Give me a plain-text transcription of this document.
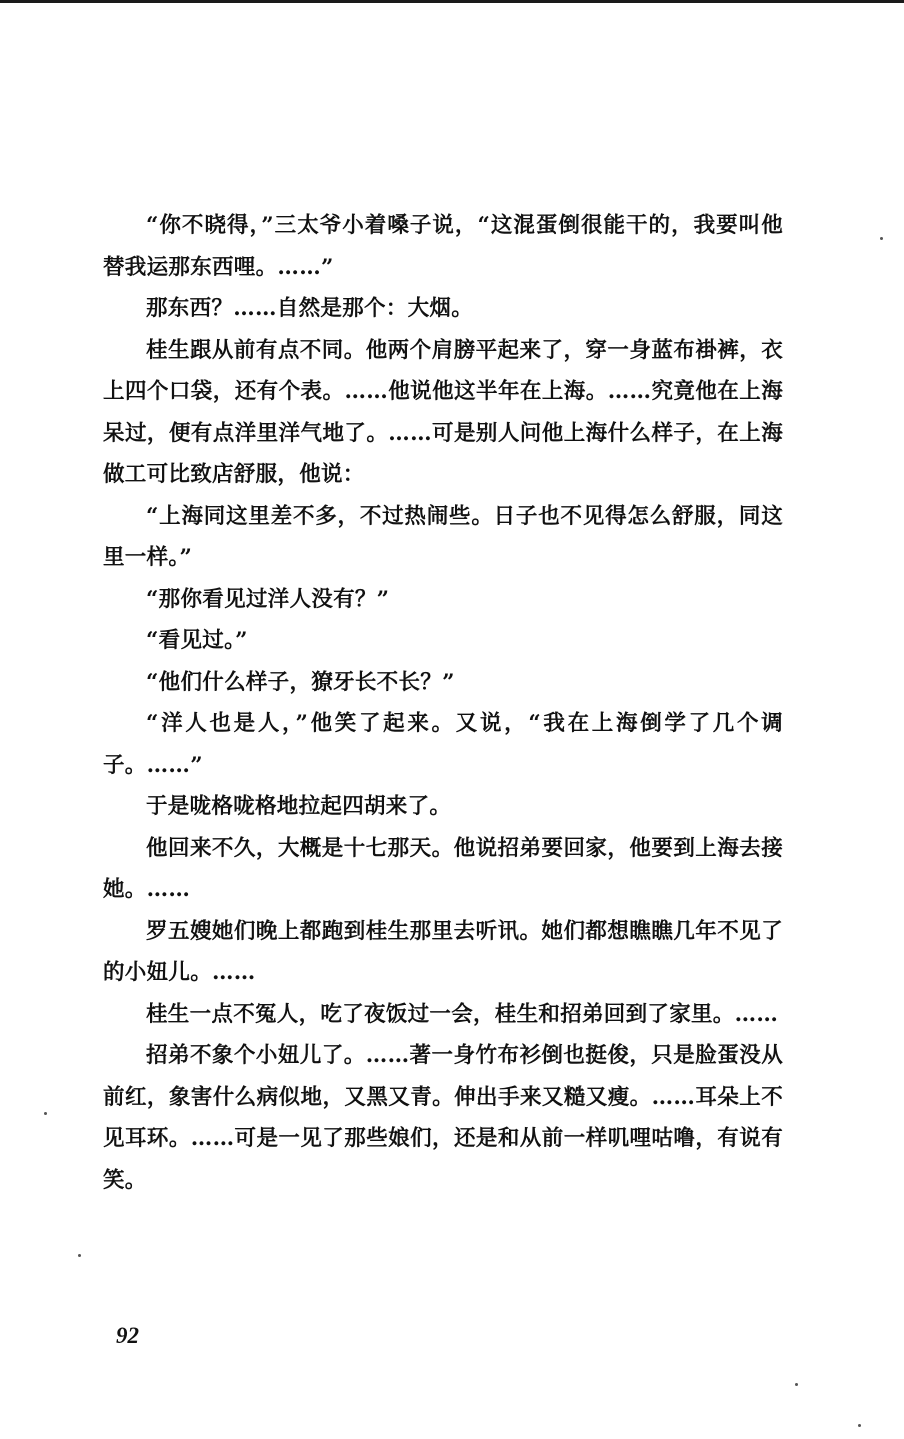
“你不晓得，”三太爷小着嗓子说，“这混蛋倒很能干的，我要叫他替我运那东西哩。……”

那东西？……自然是那个：大烟。

桂生跟从前有点不同。他两个肩膀平起来了，穿一身蓝布褂裤，衣上四个口袋，还有个表。……他说他这半年在上海。……究竟他在上海呆过，便有点洋里洋气地了。……可是别人问他上海什么样子，在上海做工可比致店舒服，他说：

“上海同这里差不多，不过热闹些。日子也不见得怎么舒服，同这里一样。”

“那你看见过洋人没有？”

“看见过。”

“他们什么样子，獠牙长不长？”

“洋人也是人，”他笑了起来。又说，“我在上海倒学了几个调子。……”

于是咙格咙格地拉起四胡来了。

他回来不久，大概是十七那天。他说招弟要回家，他要到上海去接她。……

罗五嫂她们晚上都跑到桂生那里去听讯。她们都想瞧瞧几年不见了的小妞儿。……

桂生一点不冤人，吃了夜饭过一会，桂生和招弟回到了家里。……

招弟不象个小妞儿了。……著一身竹布衫倒也挺俊，只是脸蛋没从前红，象害什么病似地，又黑又青。伸出手来又糙又瘦。……耳朵上不见耳环。……可是一见了那些娘们，还是和从前一样叽哩咕噜，有说有笑。

92
